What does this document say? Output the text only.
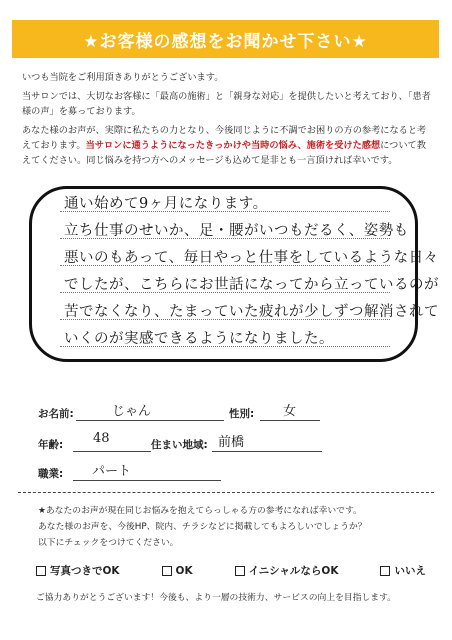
★お客様の感想をお聞かせ下さい★

いつも当院をご利用頂きありがとうございます。

当サロンでは、大切なお客様に「最高の施術」と「親身な対応」を提供したいと考えており、「患者様の声」を募っております。

あなた様のお声が、実際に私たちの力となり、今後同じように不調でお困りの方の参考になると考えております。当サロンに通うようになったきっかけや当時の悩み、施術を受けた感想について教えてください。同じ悩みを持つ方へのメッセージも込めて是非とも一言頂ければ幸いです。

通い始めて9ヶ月になります。
立ち仕事のせいか、足・腰がいつもだるく、姿勢も
悪いのもあって、毎日やっと仕事をしているような日々
でしたが、こちらにお世話になってから立っているのが
苦でなくなり、たまっていた疲れが少しずつ解消されて
いくのが実感できるようになりました。
お名前:	じゃん	性別: 女
年齢: 48	住まい地域: 前橋
職業: パート
★あなたのお声が現在同じお悩みを抱えてらっしゃる方の参考になれば幸いです。
あなた様のお声を、今後HP、院内、チラシなどに掲載してもよろしいでしょうか？
以下にチェックをつけてください。
写真つきでOK	OK	イニシャルならOK	いいえ
ご協力ありがとうございます！今後も、より一層の技術力、サービスの向上を目指します。
